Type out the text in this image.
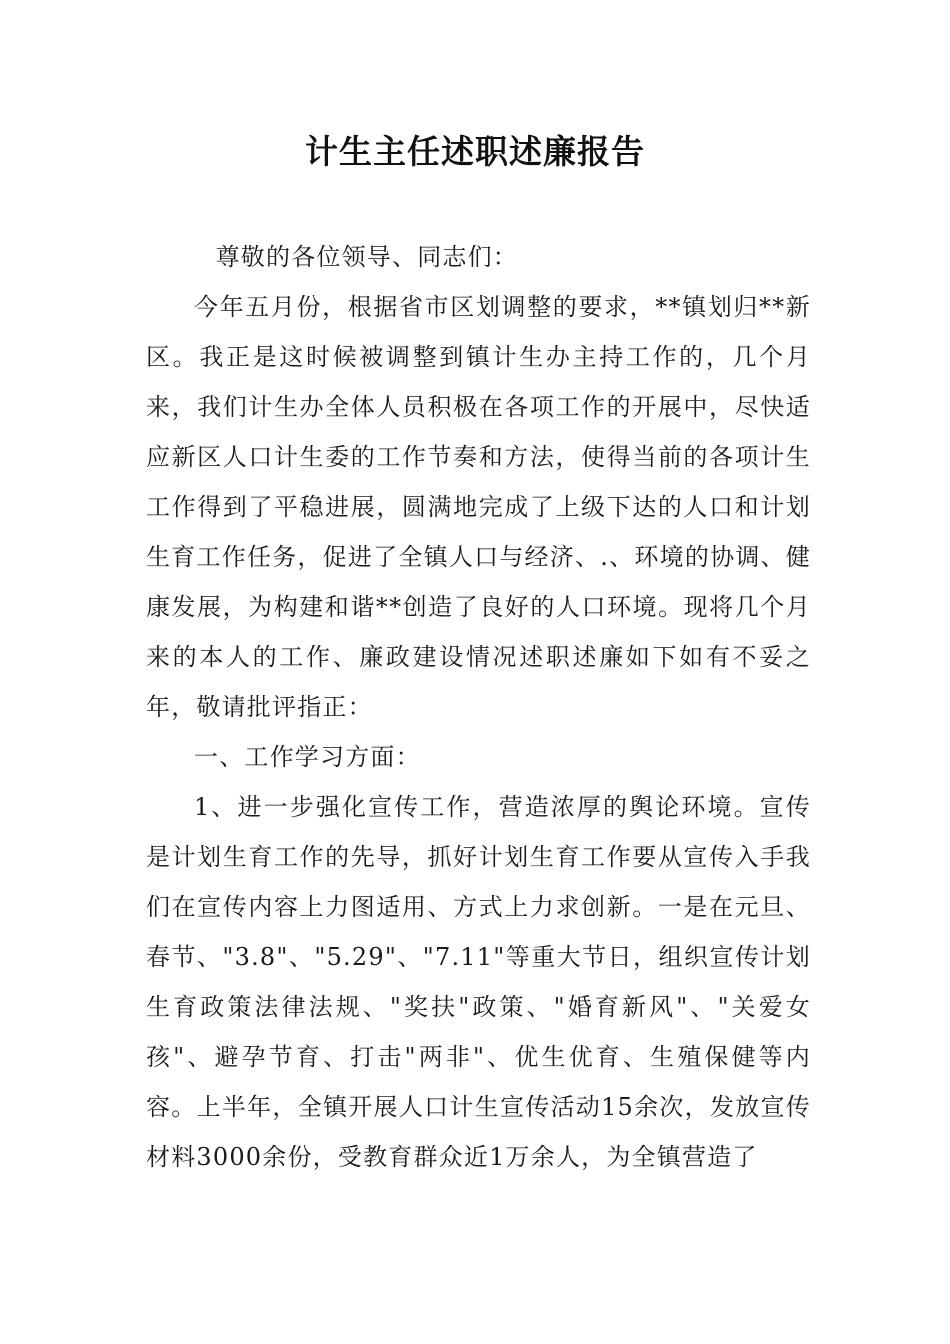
计生主任述职述廉报告

尊敬的各位领导、同志们：

今年五月份，根据省市区划调整的要求，**镇划归**新区。我正是这时候被调整到镇计生办主持工作的，几个月来，我们计生办全体人员积极在各项工作的开展中，尽快适应新区人口计生委的工作节奏和方法，使得当前的各项计生工作得到了平稳进展，圆满地完成了上级下达的人口和计划生育工作任务，促进了全镇人口与经济、.、环境的协调、健康发展，为构建和谐**创造了良好的人口环境。现将几个月来的本人的工作、廉政建设情况述职述廉如下如有不妥之年，敬请批评指正：

一、工作学习方面：

1、进一步强化宣传工作，营造浓厚的舆论环境。宣传是计划生育工作的先导，抓好计划生育工作要从宣传入手我们在宣传内容上力图适用、方式上力求创新。一是在元旦、春节、"3.8"、"5.29"、"7.11"等重大节日，组织宣传计划生育政策法律法规、"奖扶"政策、"婚育新风"、"关爱女孩"、避孕节育、打击"两非"、优生优育、生殖保健等内容。上半年，全镇开展人口计生宣传活动15余次，发放宣传材料3000余份，受教育群众近1万余人，为全镇营造了
